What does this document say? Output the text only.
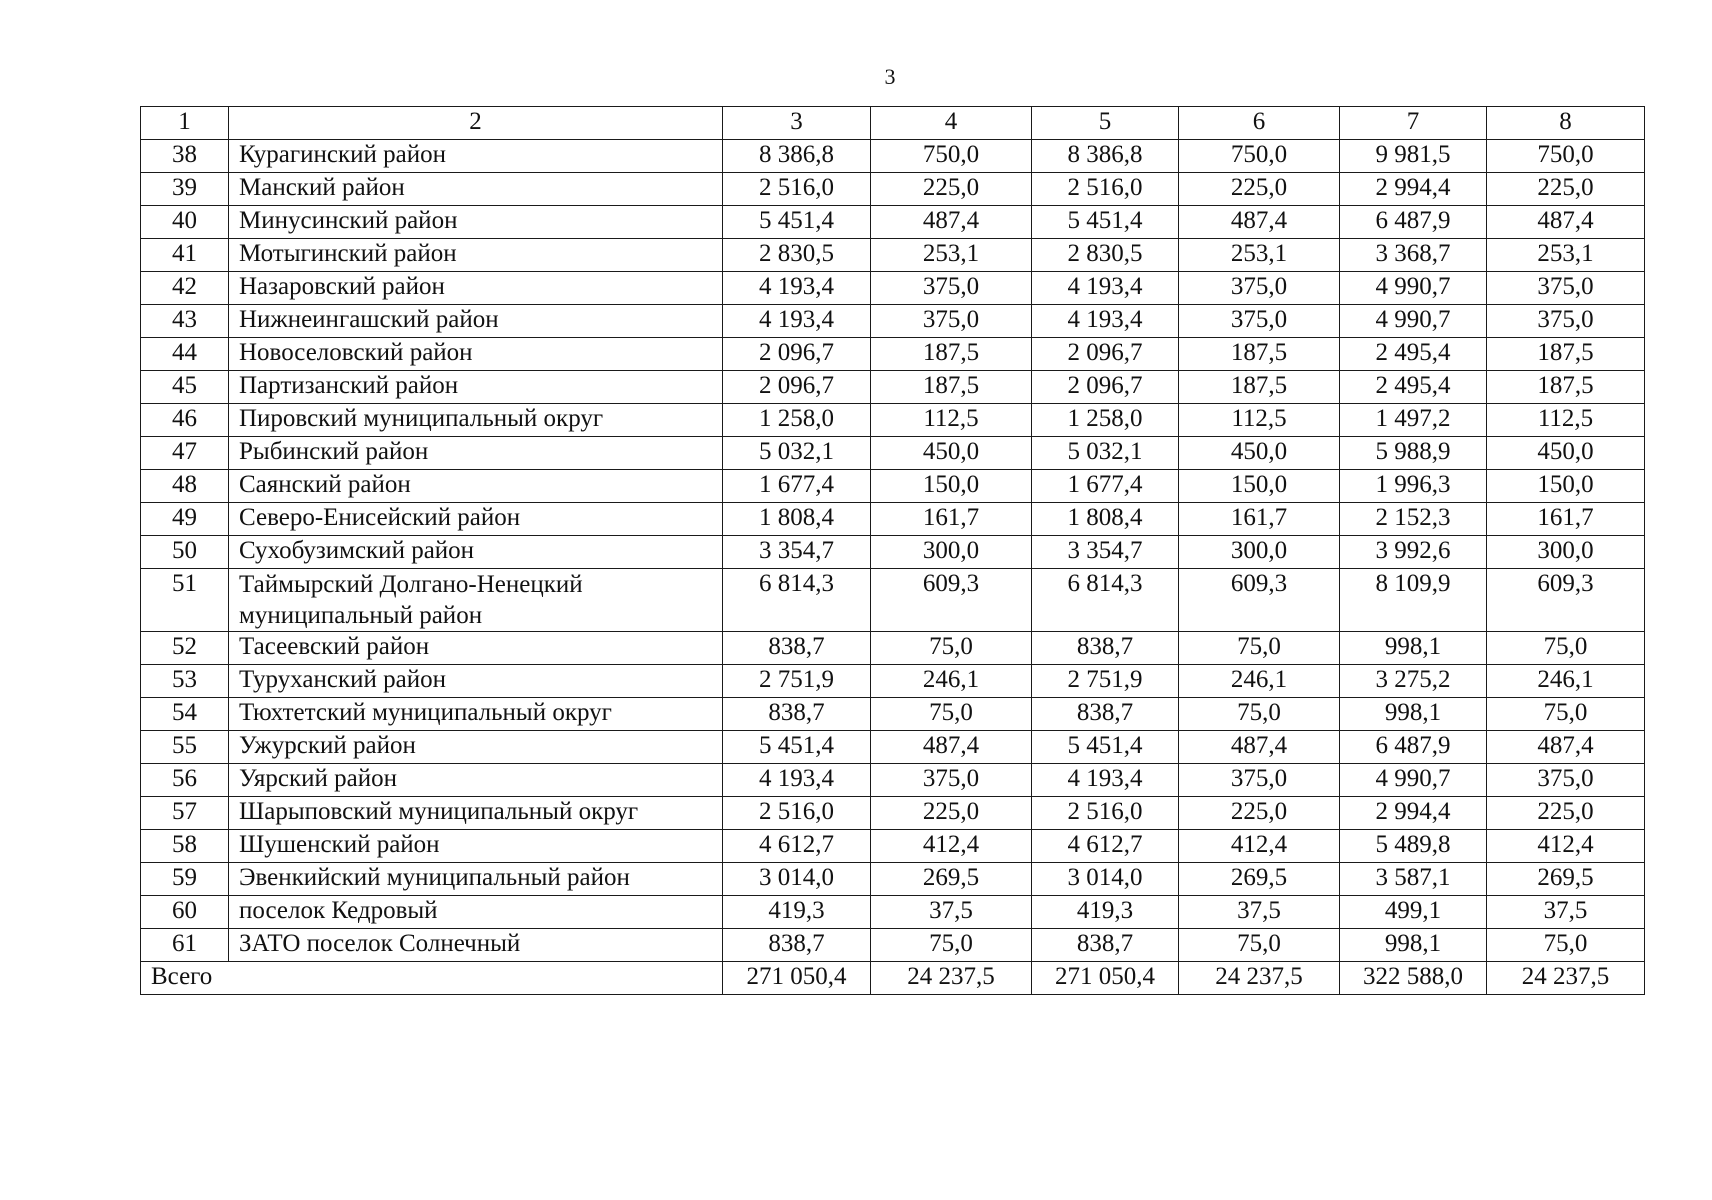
3
1	2	3	4	5	6	7	8
38	Курагинский район	8 386,8	750,0	8 386,8	750,0	9 981,5	750,0
39	Манский район	2 516,0	225,0	2 516,0	225,0	2 994,4	225,0
40	Минусинский район	5 451,4	487,4	5 451,4	487,4	6 487,9	487,4
41	Мотыгинский район	2 830,5	253,1	2 830,5	253,1	3 368,7	253,1
42	Назаровский район	4 193,4	375,0	4 193,4	375,0	4 990,7	375,0
43	Нижнеингашский район	4 193,4	375,0	4 193,4	375,0	4 990,7	375,0
44	Новоселовский район	2 096,7	187,5	2 096,7	187,5	2 495,4	187,5
45	Партизанский район	2 096,7	187,5	2 096,7	187,5	2 495,4	187,5
46	Пировский муниципальный округ	1 258,0	112,5	1 258,0	112,5	1 497,2	112,5
47	Рыбинский район	5 032,1	450,0	5 032,1	450,0	5 988,9	450,0
48	Саянский район	1 677,4	150,0	1 677,4	150,0	1 996,3	150,0
49	Северо-Енисейский район	1 808,4	161,7	1 808,4	161,7	2 152,3	161,7
50	Сухобузимский район	3 354,7	300,0	3 354,7	300,0	3 992,6	300,0
51	Таймырский Долгано-Ненецкий муниципальный район	6 814,3	609,3	6 814,3	609,3	8 109,9	609,3
52	Тасеевский район	838,7	75,0	838,7	75,0	998,1	75,0
53	Туруханский район	2 751,9	246,1	2 751,9	246,1	3 275,2	246,1
54	Тюхтетский муниципальный округ	838,7	75,0	838,7	75,0	998,1	75,0
55	Ужурский район	5 451,4	487,4	5 451,4	487,4	6 487,9	487,4
56	Уярский район	4 193,4	375,0	4 193,4	375,0	4 990,7	375,0
57	Шарыповский муниципальный округ	2 516,0	225,0	2 516,0	225,0	2 994,4	225,0
58	Шушенский район	4 612,7	412,4	4 612,7	412,4	5 489,8	412,4
59	Эвенкийский муниципальный район	3 014,0	269,5	3 014,0	269,5	3 587,1	269,5
60	поселок Кедровый	419,3	37,5	419,3	37,5	499,1	37,5
61	ЗАТО поселок Солнечный	838,7	75,0	838,7	75,0	998,1	75,0
Всего		271 050,4	24 237,5	271 050,4	24 237,5	322 588,0	24 237,5
